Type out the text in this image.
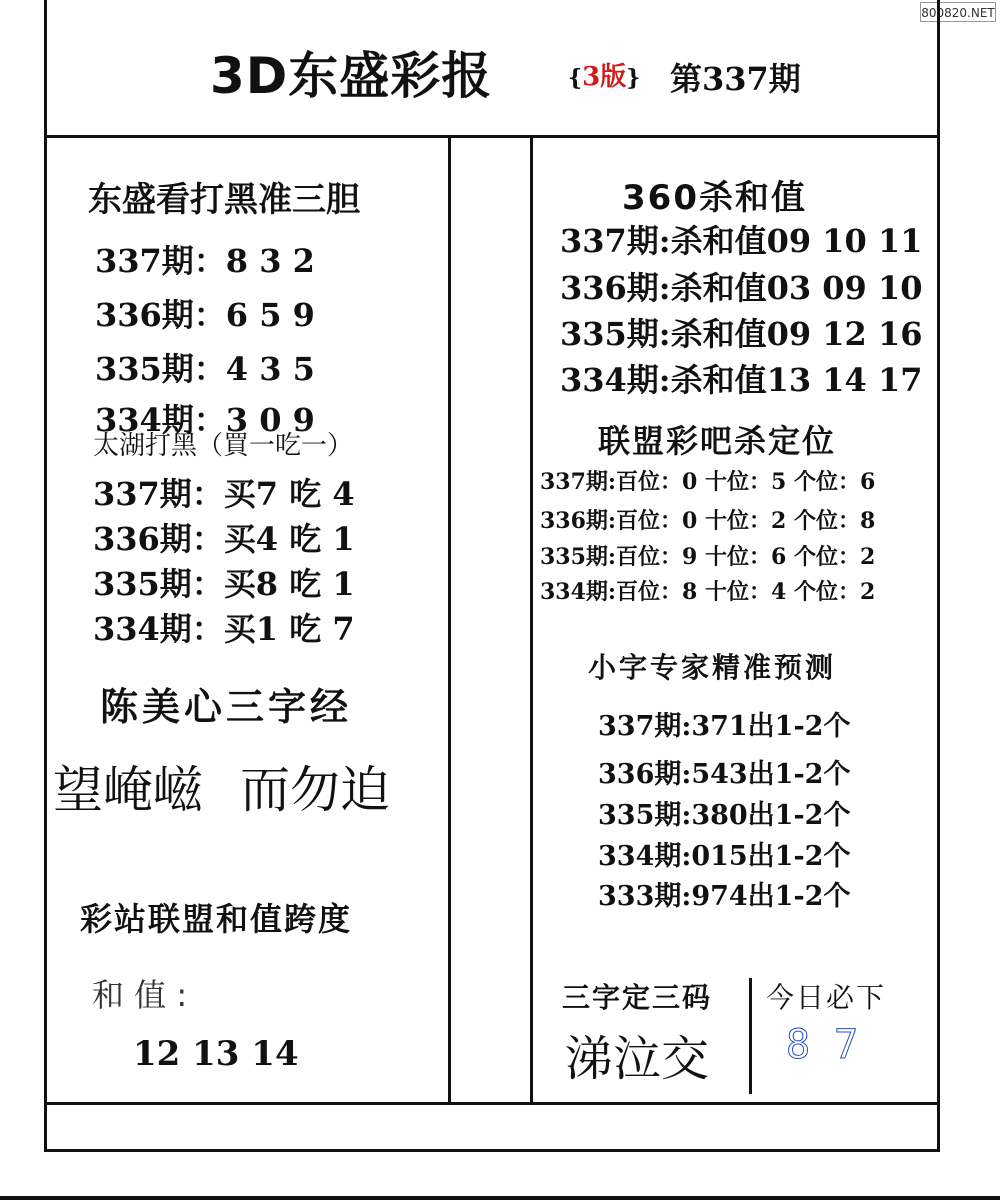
800820.NET
3D东盛彩报	{3版} 第337期
东盛看打黑准三胆
337期：8 3 2
336期：6 5 9
335期：4 3 5
334期：3 0 9
太湖打黑（買一吃一）
337期：买7 吃 4
336期：买4 吃 1
335期：买8 吃 1
334期：买1 吃 7
陈美心三字经
望崦嵫 而勿迫
彩站联盟和值跨度
和 值 :
12 13 14
360杀和值
337期:杀和值09 10 11
336期:杀和值03 09 10
335期:杀和值09 12 16
334期:杀和值13 14 17
联盟彩吧杀定位
337期:百位：0 十位：5 个位：6
336期:百位：0 十位：2 个位：8
335期:百位：9 十位：6 个位：2
334期:百位：8 十位：4 个位：2
小字专家精准预测
337期:371出1-2个
336期:543出1-2个
335期:380出1-2个
334期:015出1-2个
333期:974出1-2个
三字定三码 今日必下
涕泣交 8 7
